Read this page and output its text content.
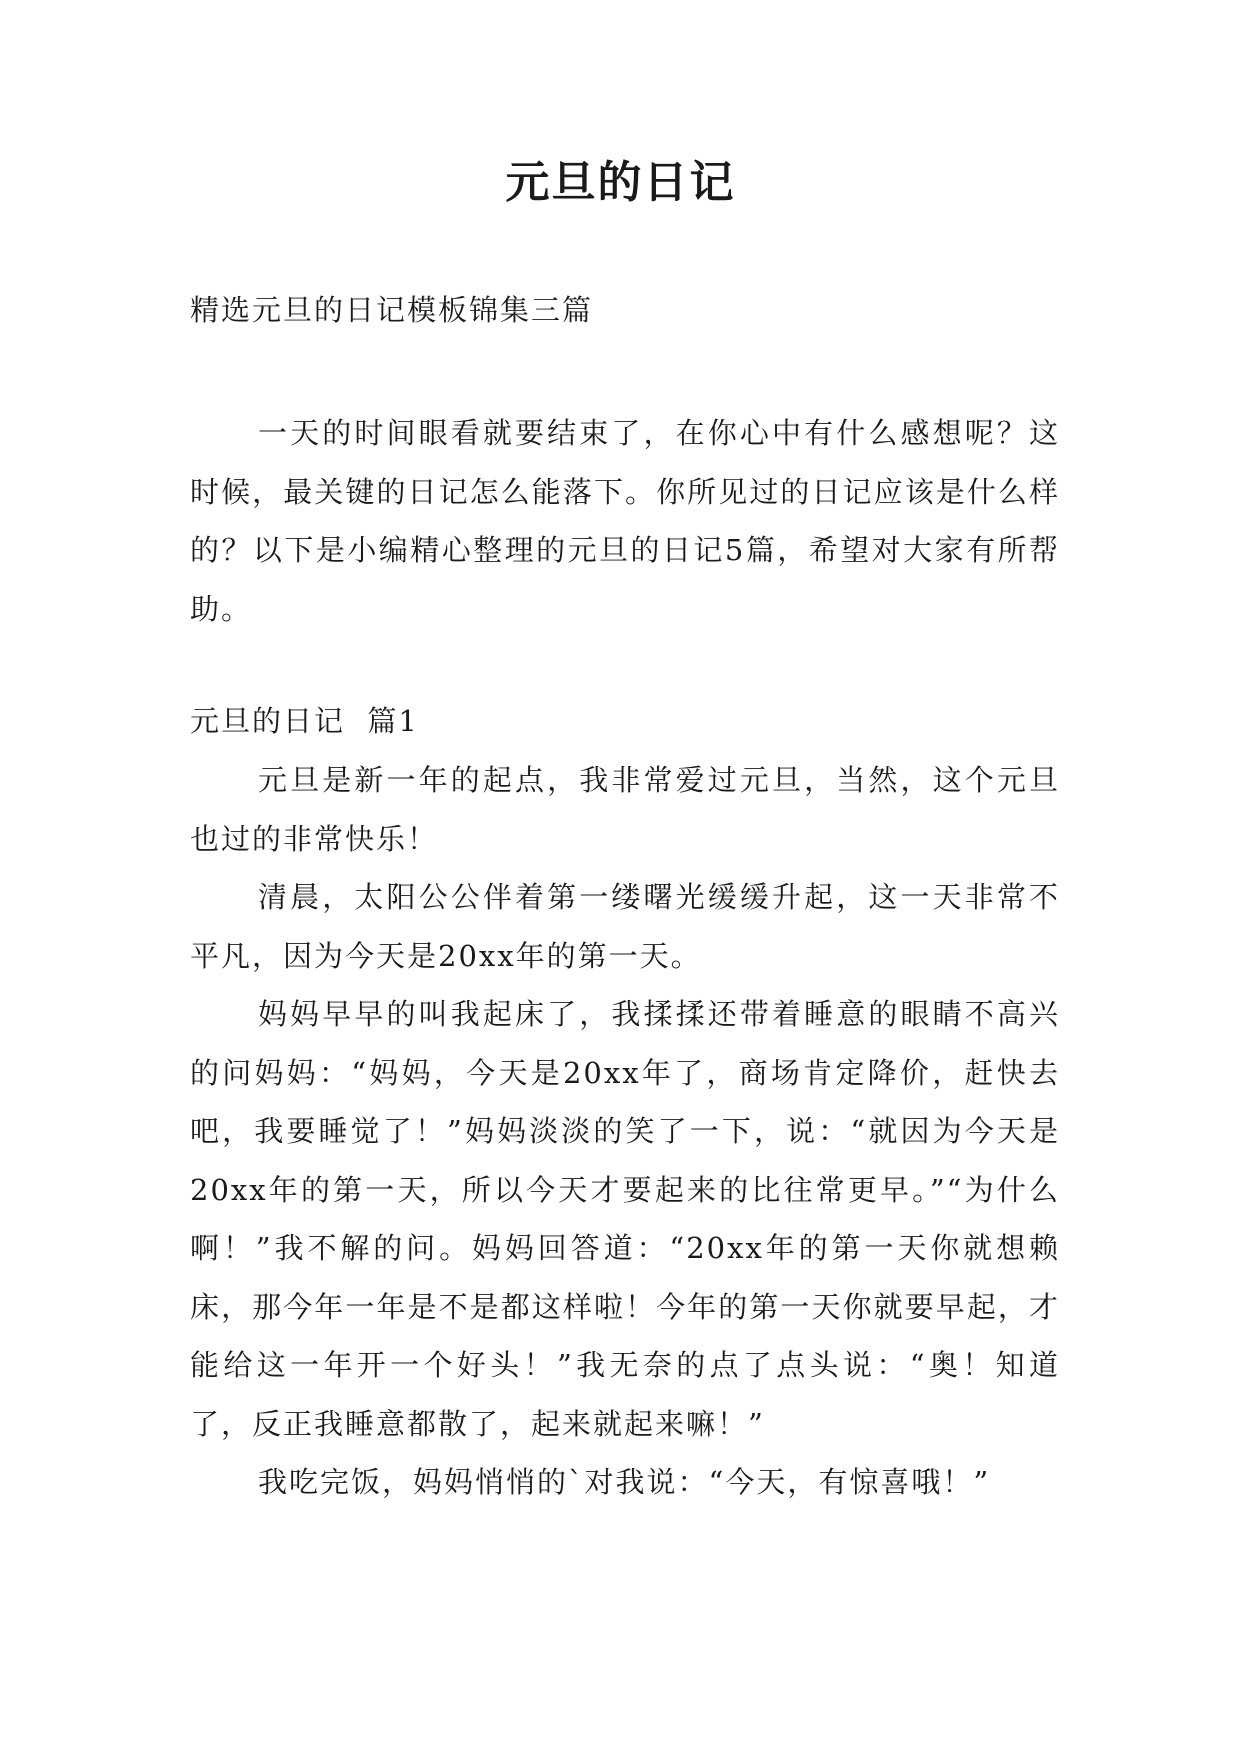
元旦的日记
精选元旦的日记模板锦集三篇

一天的时间眼看就要结束了，在你心中有什么感想呢？这时候，最关键的日记怎么能落下。你所见过的日记应该是什么样的？以下是小编精心整理的元旦的日记5篇，希望对大家有所帮助。

元旦的日记  篇1

元旦是新一年的起点，我非常爱过元旦，当然，这个元旦也过的非常快乐！

清晨，太阳公公伴着第一缕曙光缓缓升起，这一天非常不平凡，因为今天是20xx年的第一天。

妈妈早早的叫我起床了，我揉揉还带着睡意的眼睛不高兴的问妈妈：“妈妈，今天是20xx年了，商场肯定降价，赶快去吧，我要睡觉了！”妈妈淡淡的笑了一下，说：“就因为今天是20xx年的第一天，所以今天才要起来的比往常更早。”“为什么啊！”我不解的问。妈妈回答道：“20xx年的第一天你就想赖床，那今年一年是不是都这样啦！今年的第一天你就要早起，才能给这一年开一个好头！”我无奈的点了点头说：“奥！知道了，反正我睡意都散了，起来就起来嘛！”

我吃完饭，妈妈悄悄的`对我说：“今天，有惊喜哦！”
